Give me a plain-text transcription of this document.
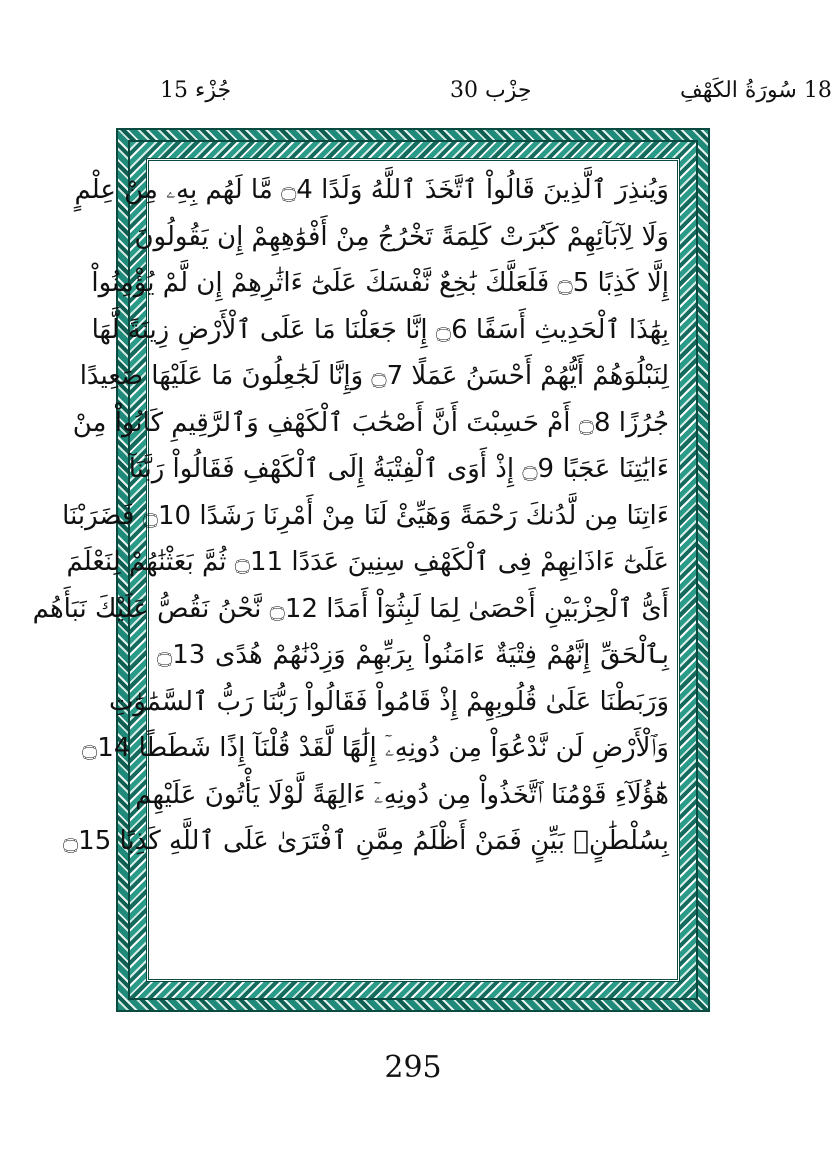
جُزْء 15	حِزْب 30	18 سُورَةُ الكَهْفِ
وَيُنذِرَ ٱلَّذِينَ قَالُواْ ٱتَّخَذَ ٱللَّهُ وَلَدًا ۝4 مَّا لَهُم بِهِۦ مِنْ عِلْمٍ
وَلَا لِآبَآئِهِمْ كَبُرَتْ كَلِمَةً تَخْرُجُ مِنْ أَفْوَٰهِهِمْ إِن يَقُولُونَ
إِلَّا كَذِبًا ۝5 فَلَعَلَّكَ بَٰخِعٌ نَّفْسَكَ عَلَىٰٓ ءَاثَٰرِهِمْ إِن لَّمْ يُؤْمِنُواْ
بِهَٰذَا ٱلْحَدِيثِ أَسَفًا ۝6 إِنَّا جَعَلْنَا مَا عَلَى ٱلْأَرْضِ زِينَةً لَّهَا
لِنَبْلُوَهُمْ أَيُّهُمْ أَحْسَنُ عَمَلًا ۝7 وَإِنَّا لَجَٰعِلُونَ مَا عَلَيْهَا صَعِيدًا
جُرُزًا ۝8 أَمْ حَسِبْتَ أَنَّ أَصْحَٰبَ ٱلْكَهْفِ وَٱلرَّقِيمِ كَانُواْ مِنْ
ءَايَٰتِنَا عَجَبًا ۝9 إِذْ أَوَى ٱلْفِتْيَةُ إِلَى ٱلْكَهْفِ فَقَالُواْ رَبَّنَآ
ءَاتِنَا مِن لَّدُنكَ رَحْمَةً وَهَيِّئْ لَنَا مِنْ أَمْرِنَا رَشَدًا ۝10 فَضَرَبْنَا
عَلَىٰٓ ءَاذَانِهِمْ فِى ٱلْكَهْفِ سِنِينَ عَدَدًا ۝11 ثُمَّ بَعَثْنَٰهُمْ لِنَعْلَمَ
أَىُّ ٱلْحِزْبَيْنِ أَحْصَىٰ لِمَا لَبِثُوٓاْ أَمَدًا ۝12 نَّحْنُ نَقُصُّ عَلَيْكَ نَبَأَهُم
بِٱلْحَقِّ إِنَّهُمْ فِتْيَةٌ ءَامَنُواْ بِرَبِّهِمْ وَزِدْنَٰهُمْ هُدًى ۝13
وَرَبَطْنَا عَلَىٰ قُلُوبِهِمْ إِذْ قَامُواْ فَقَالُواْ رَبُّنَا رَبُّ ٱلسَّمَٰوَٰتِ
وَٱلْأَرْضِ لَن نَّدْعُوَاْ مِن دُونِهِۦٓ إِلَٰهًا لَّقَدْ قُلْنَآ إِذًا شَطَطًا ۝14
هَٰٓؤُلَآءِ قَوْمُنَا ٱتَّخَذُواْ مِن دُونِهِۦٓ ءَالِهَةً لَّوْلَا يَأْتُونَ عَلَيْهِم
بِسُلْطَٰنٍۭ بَيِّنٍ فَمَنْ أَظْلَمُ مِمَّنِ ٱفْتَرَىٰ عَلَى ٱللَّهِ كَذِبًا ۝15
295
